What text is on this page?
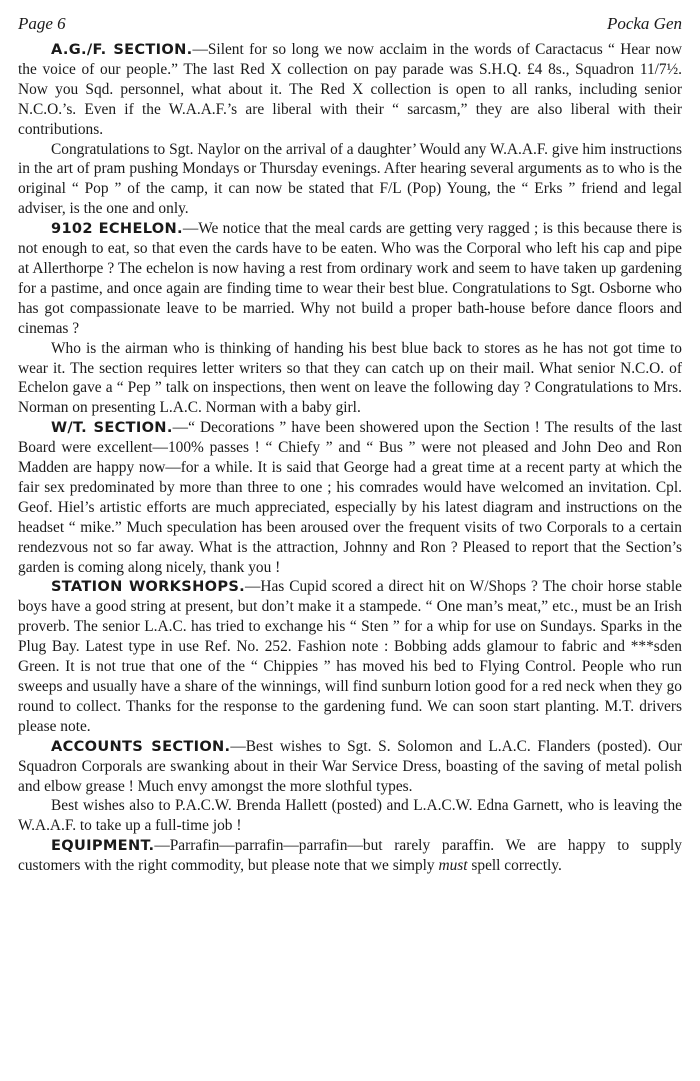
Page 6	Pocka Gen

A.G./F. SECTION.—Silent for so long we now acclaim in the words of Caractacus “ Hear now the voice of our people.” The last Red X collection on pay parade was S.H.Q. £4 8s., Squadron 11/7½. Now you Sqd. personnel, what about it. The Red X collection is open to all ranks, including senior N.C.O.’s. Even if the W.A.A.F.’s are liberal with their “ sarcasm,” they are also liberal with their contributions.

Congratulations to Sgt. Naylor on the arrival of a daughter’ Would any W.A.A.F. give him instructions in the art of pram pushing Mondays or Thursday evenings. After hearing several arguments as to who is the original “ Pop ” of the camp, it can now be stated that F/L (Pop) Young, the “ Erks ” friend and legal adviser, is the one and only.

9102 ECHELON.—We notice that the meal cards are getting very ragged ; is this because there is not enough to eat, so that even the cards have to be eaten. Who was the Corporal who left his cap and pipe at Allerthorpe ? The echelon is now having a rest from ordinary work and seem to have taken up gardening for a pastime, and once again are finding time to wear their best blue. Congratulations to Sgt. Osborne who has got compassionate leave to be married. Why not build a proper bath-house before dance floors and cinemas ?

Who is the airman who is thinking of handing his best blue back to stores as he has not got time to wear it. The section requires letter writers so that they can catch up on their mail. What senior N.C.O. of Echelon gave a “ Pep ” talk on inspections, then went on leave the following day ? Congratulations to Mrs. Norman on presenting L.A.C. Norman with a baby girl.

W/T. SECTION.—“ Decorations ” have been showered upon the Section ! The results of the last Board were excellent—100% passes ! “ Chiefy ” and “ Bus ” were not pleased and John Deo and Ron Madden are happy now—for a while. It is said that George had a great time at a recent party at which the fair sex predominated by more than three to one ; his comrades would have welcomed an invitation. Cpl. Geof. Hiel’s artistic efforts are much appreciated, especially by his latest diagram and instructions on the headset “ mike.” Much speculation has been aroused over the frequent visits of two Corporals to a certain rendezvous not so far away. What is the attraction, Johnny and Ron ? Pleased to report that the Section’s garden is coming along nicely, thank you !

STATION WORKSHOPS.—Has Cupid scored a direct hit on W/Shops ? The choir horse stable boys have a good string at present, but don’t make it a stampede. “ One man’s meat,” etc., must be an Irish proverb. The senior L.A.C. has tried to exchange his “ Sten ” for a whip for use on Sundays. Sparks in the Plug Bay. Latest type in use Ref. No. 252. Fashion note : Bobbing adds glamour to fabric and ***sden Green. It is not true that one of the “ Chippies ” has moved his bed to Flying Control. People who run sweeps and usually have a share of the winnings, will find sunburn lotion good for a red neck when they go round to collect. Thanks for the response to the gardening fund. We can soon start planting. M.T. drivers please note.

ACCOUNTS SECTION.—Best wishes to Sgt. S. Solomon and L.A.C. Flanders (posted). Our Squadron Corporals are swanking about in their War Service Dress, boasting of the saving of metal polish and elbow grease ! Much envy amongst the more slothful types.

Best wishes also to P.A.C.W. Brenda Hallett (posted) and L.A.C.W. Edna Garnett, who is leaving the W.A.A.F. to take up a full-time job !

EQUIPMENT.—Parrafin—parrafin—parrafin—but rarely paraffin. We are happy to supply customers with the right commodity, but please note that we simply must spell correctly.
